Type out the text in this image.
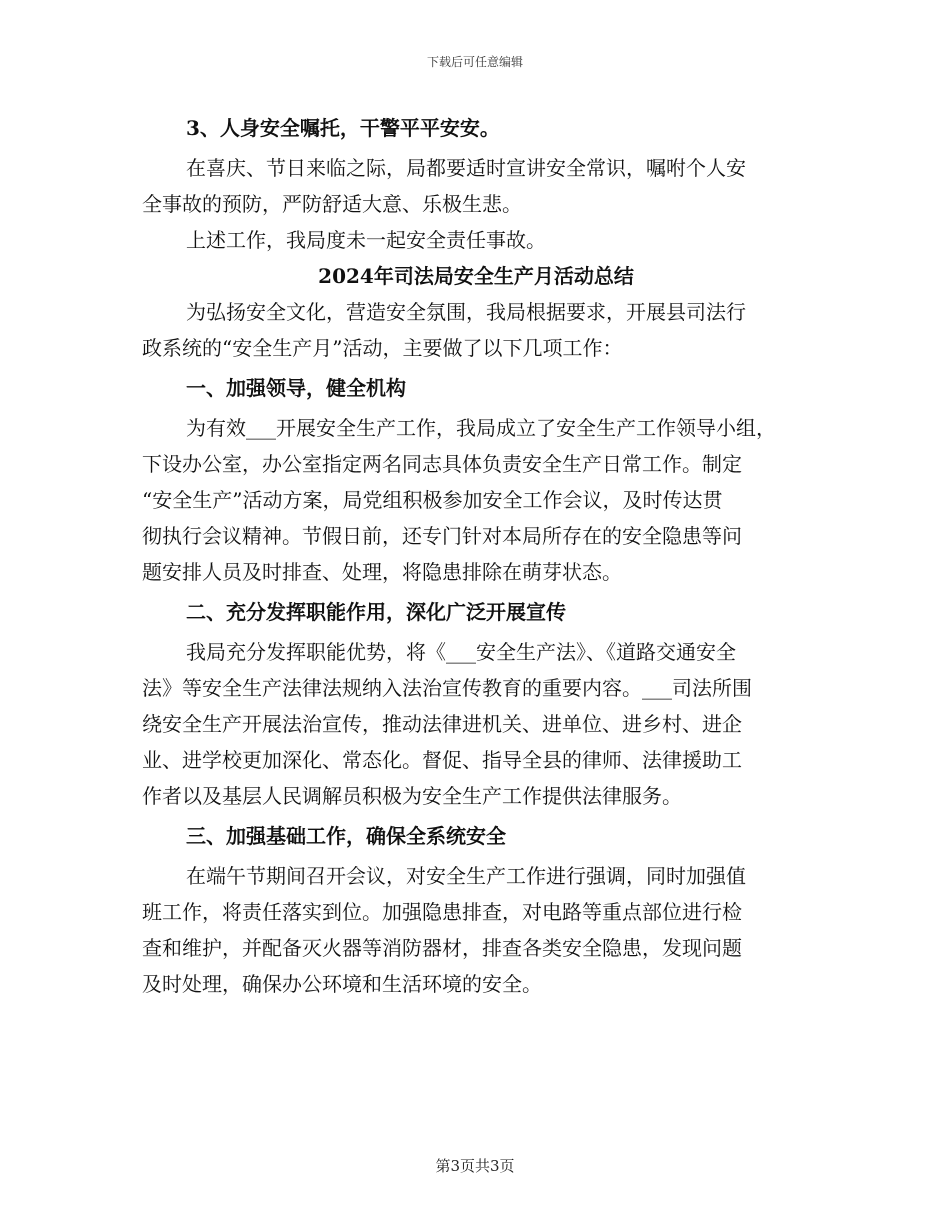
下载后可任意编辑
3、人身安全嘱托，干警平平安安。
在喜庆、节日来临之际，局都要适时宣讲安全常识，嘱咐个人安
全事故的预防，严防舒适大意、乐极生悲。
上述工作，我局度未一起安全责任事故。
2024年司法局安全生产月活动总结
为弘扬安全文化，营造安全氛围，我局根据要求，开展县司法行
政系统的“安全生产月”活动，主要做了以下几项工作：
一、加强领导，健全机构
为有效___开展安全生产工作，我局成立了安全生产工作领导小组，
下设办公室，办公室指定两名同志具体负责安全生产日常工作。制定
“安全生产”活动方案，局党组积极参加安全工作会议，及时传达贯
彻执行会议精神。节假日前，还专门针对本局所存在的安全隐患等问
题安排人员及时排查、处理，将隐患排除在萌芽状态。
二、充分发挥职能作用，深化广泛开展宣传
我局充分发挥职能优势，将《___安全生产法》、《道路交通安全
法》等安全生产法律法规纳入法治宣传教育的重要内容。___司法所围
绕安全生产开展法治宣传，推动法律进机关、进单位、进乡村、进企
业、进学校更加深化、常态化。督促、指导全县的律师、法律援助工
作者以及基层人民调解员积极为安全生产工作提供法律服务。
三、加强基础工作，确保全系统安全
在端午节期间召开会议，对安全生产工作进行强调，同时加强值
班工作，将责任落实到位。加强隐患排查，对电路等重点部位进行检
查和维护，并配备灭火器等消防器材，排查各类安全隐患，发现问题
及时处理，确保办公环境和生活环境的安全。
第3页共3页
